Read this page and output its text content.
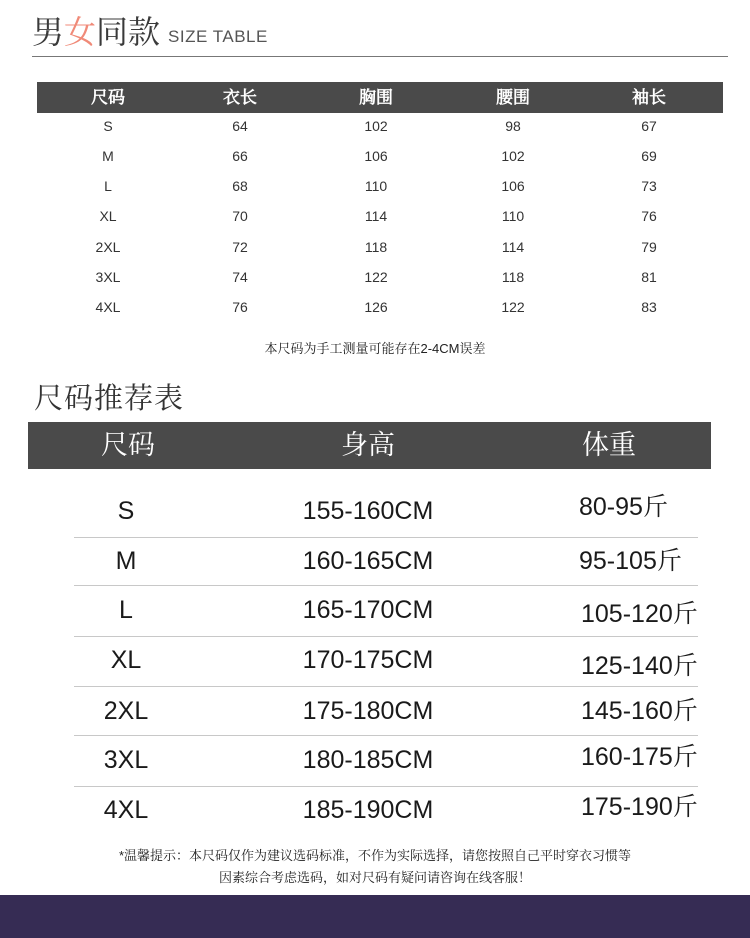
男 女 同款 SIZE TABLE
尺码	衣长	胸围	腰围	袖长
S	64	102	98	67
M	66	106	102	69
L	68	110	106	73
XL	70	114	110	76
2XL	72	118	114	79
3XL	74	122	118	81
4XL	76	126	122	83
本尺码为手工测量可能存在2-4CM误差
尺码推荐表
尺码	身高	体重
S	155-160CM	80-95斤
M	160-165CM	95-105斤
L	165-170CM	105-120斤
XL	170-175CM	125-140斤
2XL	175-180CM	145-160斤
3XL	180-185CM	160-175斤
4XL	185-190CM	175-190斤
*温馨提示：本尺码仅作为建议选码标准，不作为实际选择，请您按照自己平时穿衣习惯等
因素综合考虑选码，如对尺码有疑问请咨询在线客服！
